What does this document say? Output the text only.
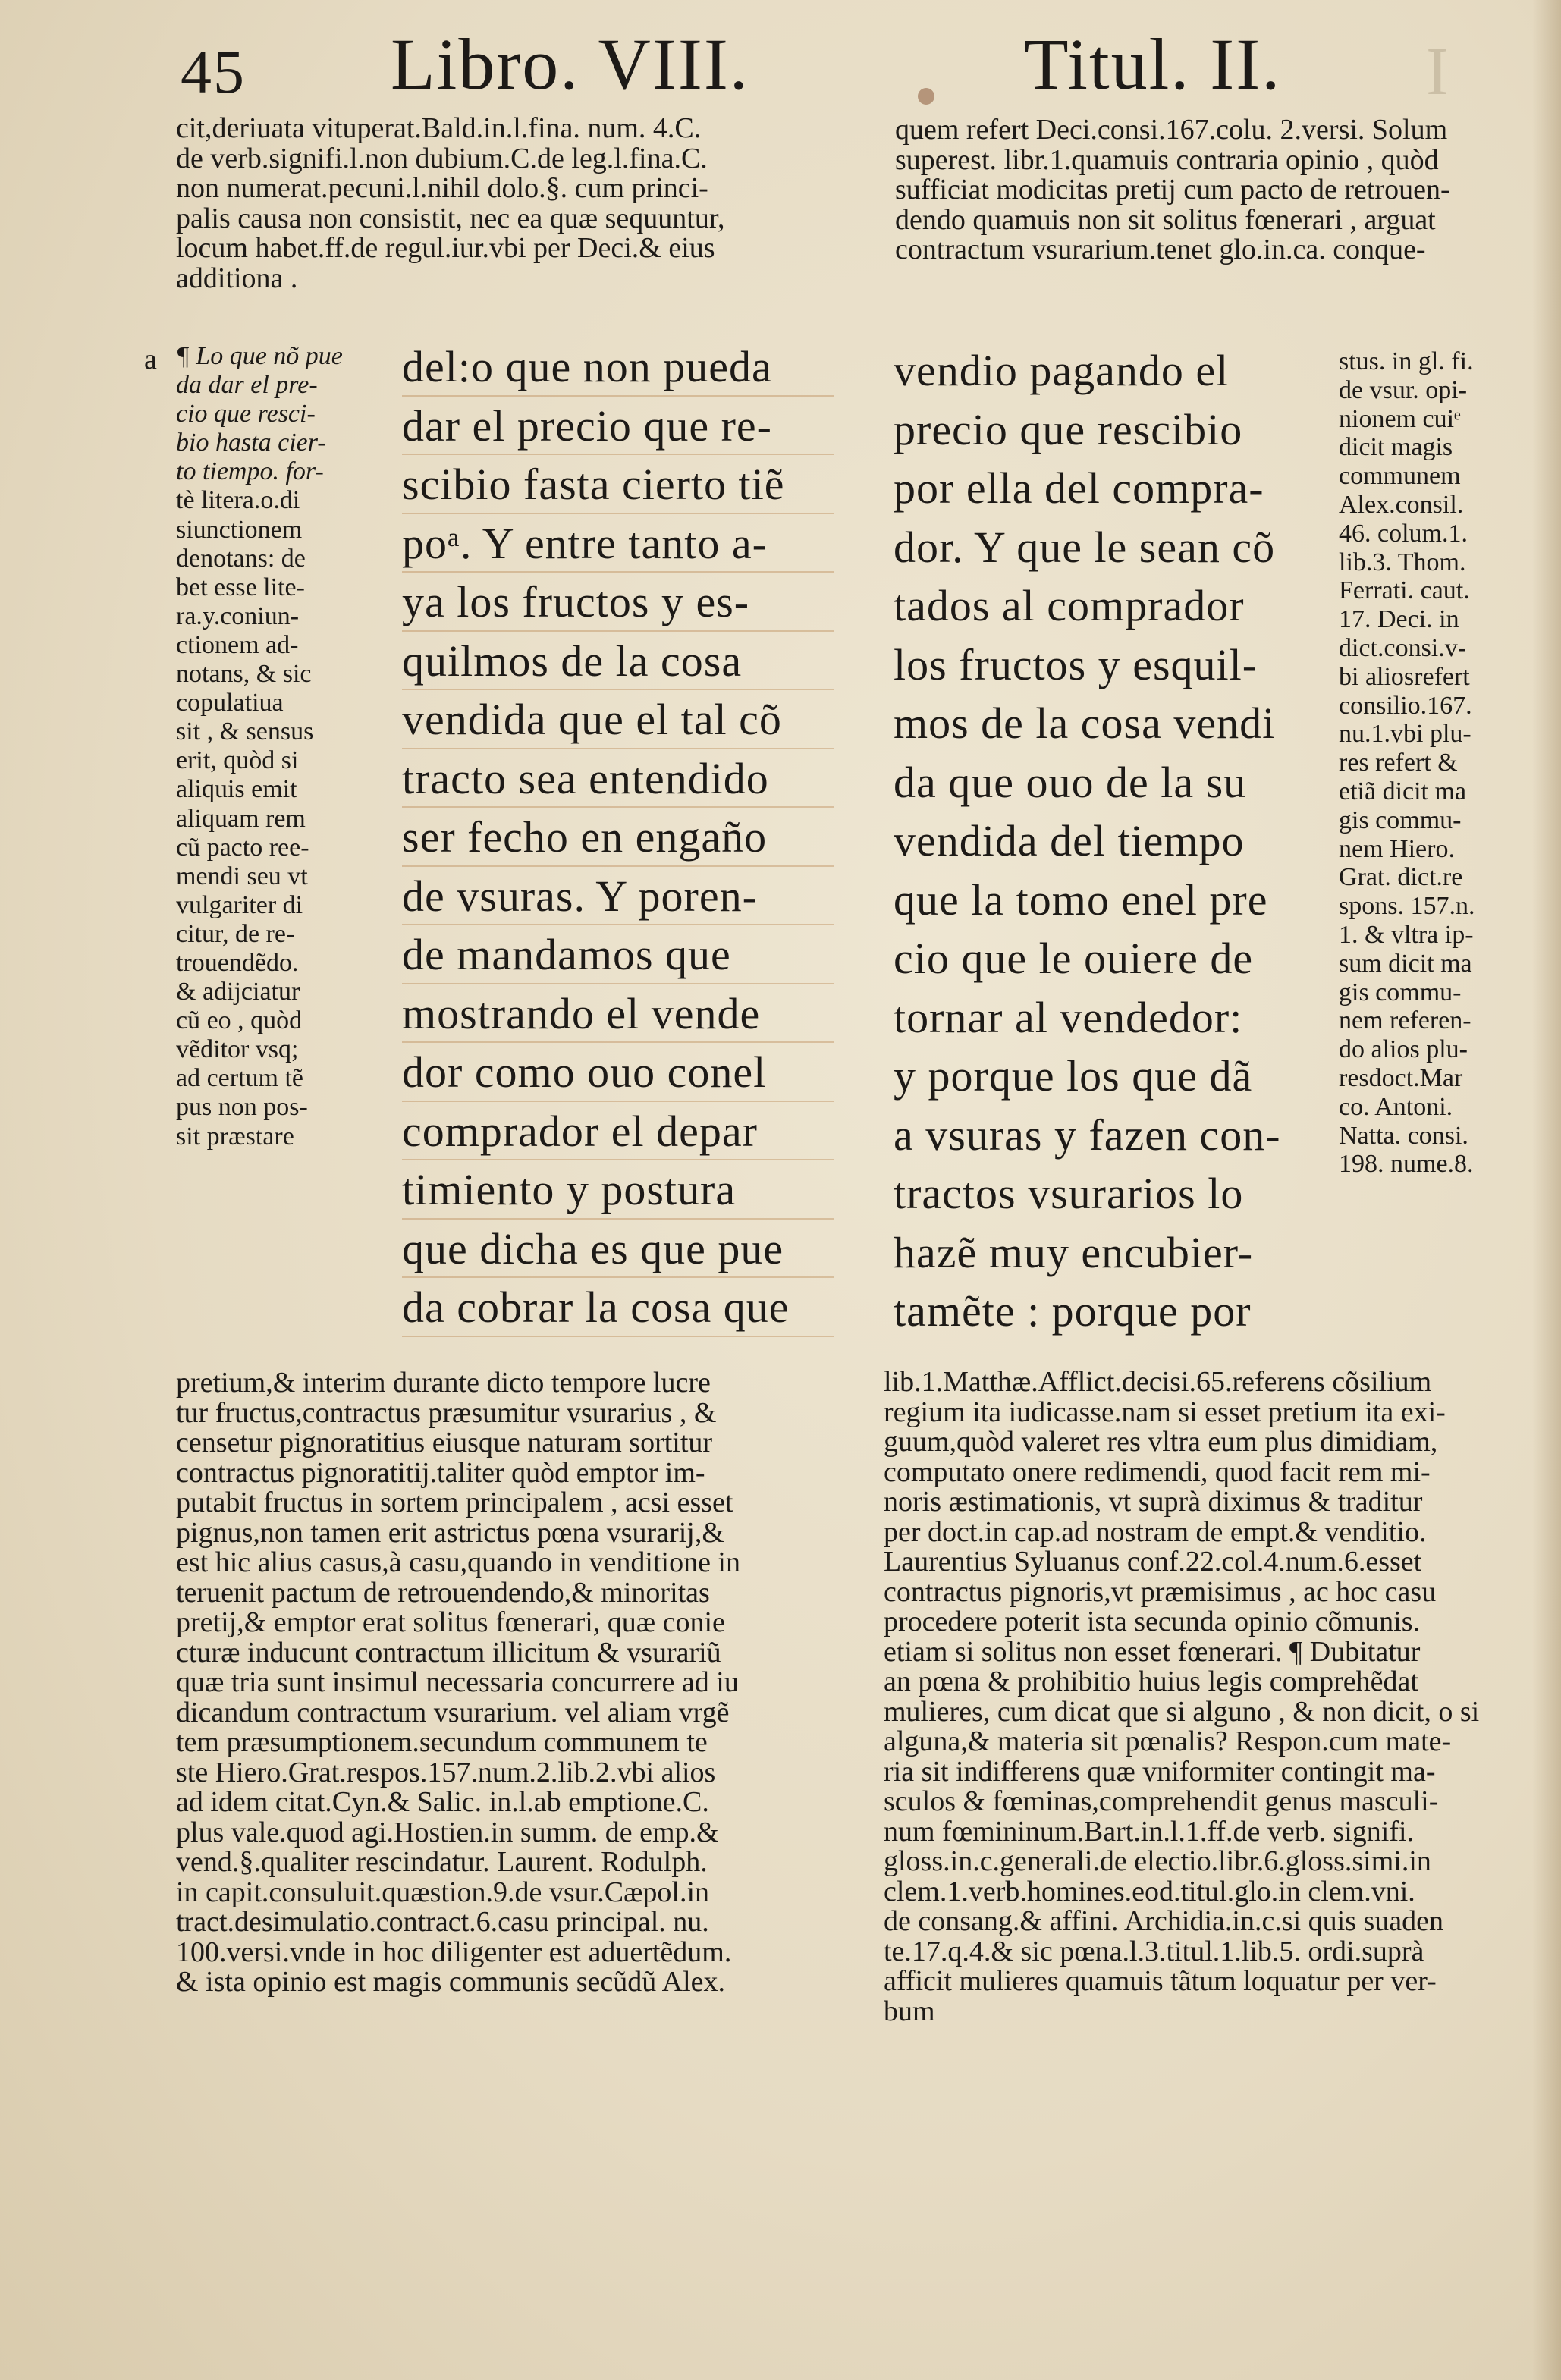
45 Libro. VIII.	Titul. II. I
cit,deriuata vituperat.Bald.in.l.fina. num. 4.C.
de verb.signifi.l.non dubium.C.de leg.l.fina.C.
non numerat.pecuni.l.nihil dolo.§. cum princi-
palis causa non consistit, nec ea quæ sequuntur,
locum habet.ff.de regul.iur.vbi per Deci.& eius
additiona .
quem refert Deci.consi.167.colu. 2.versi. Solum
superest. libr.1.quamuis contraria opinio , quòd
sufficiat modicitas pretij cum pacto de retrouen-
dendo quamuis non sit solitus fœnerari , arguat
contractum vsurarium.tenet glo.in.ca. conque-
a ¶ Lo que nõ pue
da dar el pre-
cio que resci-
bio hasta cier-
to tiempo. for-
tè litera.o.di
siunctionem
denotans: de
bet esse lite-
ra.y.coniun-
ctionem ad-
notans, & sic
copulatiua
sit , & sensus
erit, quòd si
aliquis emit
aliquam rem
cũ pacto ree-
mendi seu vt
vulgariter di
citur, de re-
trouendẽdo.
& adijciatur
cũ eo , quòd
vẽditor vsq;
ad certum tẽ
pus non pos-
sit præstare
del:o que non pueda
dar el precio que re-
scibio fasta cierto tiẽ
poᵃ. Y entre tanto a-
ya los fructos y es-
quilmos de la cosa
vendida que el tal cõ
tracto sea entendido
ser fecho en engaño
de vsuras. Y poren-
de mandamos que
mostrando el vende
dor como ouo conel
comprador el depar
timiento y postura
que dicha es que pue
da cobrar la cosa que
vendio pagando el
precio que rescibio
por ella del compra-
dor. Y que le sean cõ
tados al comprador
los fructos y esquil-
mos de la cosa vendi
da que ouo de la su
vendida del tiempo
que la tomo enel pre
cio que le ouiere de
tornar al vendedor:
y porque los que dã
a vsuras y fazen con-
tractos vsurarios lo
hazẽ muy encubier-
tamẽte : porque por
stus. in gl. fi.
de vsur. opi-
nionem cuiᵉ
dicit magis
communem
Alex.consil.
46. colum.1.
lib.3. Thom.
Ferrati. caut.
17. Deci. in
dict.consi.v-
bi aliosrefert
consilio.167.
nu.1.vbi plu-
res refert &
etiã dicit ma
gis commu-
nem Hiero.
Grat. dict.re
spons. 157.n.
1. & vltra ip-
sum dicit ma
gis commu-
nem referen-
do alios plu-
resdoct.Mar
co. Antoni.
Natta. consi.
198. nume.8.
pretium,& interim durante dicto tempore lucre
tur fructus,contractus præsumitur vsurarius , &
censetur pignoratitius eiusque naturam sortitur
contractus pignoratitij.taliter quòd emptor im-
putabit fructus in sortem principalem , acsi esset
pignus,non tamen erit astrictus pœna vsurarij,&
est hic alius casus,à casu,quando in venditione in
teruenit pactum de retrouendendo,& minoritas
pretij,& emptor erat solitus fœnerari, quæ conie
cturæ inducunt contractum illicitum & vsurariũ
quæ tria sunt insimul necessaria concurrere ad iu
dicandum contractum vsurarium. vel aliam vrgẽ
tem præsumptionem.secundum communem te
ste Hiero.Grat.respos.157.num.2.lib.2.vbi alios
ad idem citat.Cyn.& Salic. in.l.ab emptione.C.
plus vale.quod agi.Hostien.in summ. de emp.&
vend.§.qualiter rescindatur. Laurent. Rodulph.
in capit.consuluit.quæstion.9.de vsur.Cæpol.in
tract.desimulatio.contract.6.casu principal. nu.
100.versi.vnde in hoc diligenter est aduertẽdum.
& ista opinio est magis communis secũdũ Alex.
lib.1.Matthæ.Afflict.decisi.65.referens cõsilium
regium ita iudicasse.nam si esset pretium ita exi-
guum,quòd valeret res vltra eum plus dimidiam,
computato onere redimendi, quod facit rem mi-
noris æstimationis, vt suprà diximus & traditur
per doct.in cap.ad nostram de empt.& venditio.
Laurentius Syluanus conf.22.col.4.num.6.esset
contractus pignoris,vt præmisimus , ac hoc casu
procedere poterit ista secunda opinio cõmunis.
etiam si solitus non esset fœnerari. ¶ Dubitatur
an pœna & prohibitio huius legis comprehẽdat
mulieres, cum dicat que si alguno , & non dicit, o si
alguna,& materia sit pœnalis? Respon.cum mate-
ria sit indifferens quæ vniformiter contingit ma-
sculos & fœminas,comprehendit genus masculi-
num fœmininum.Bart.in.l.1.ff.de verb. signifi.
gloss.in.c.generali.de electio.libr.6.gloss.simi.in
clem.1.verb.homines.eod.titul.glo.in clem.vni.
de consang.& affini. Archidia.in.c.si quis suaden
te.17.q.4.& sic pœna.l.3.titul.1.lib.5. ordi.suprà
afficit mulieres quamuis tãtum loquatur per ver-
bum
